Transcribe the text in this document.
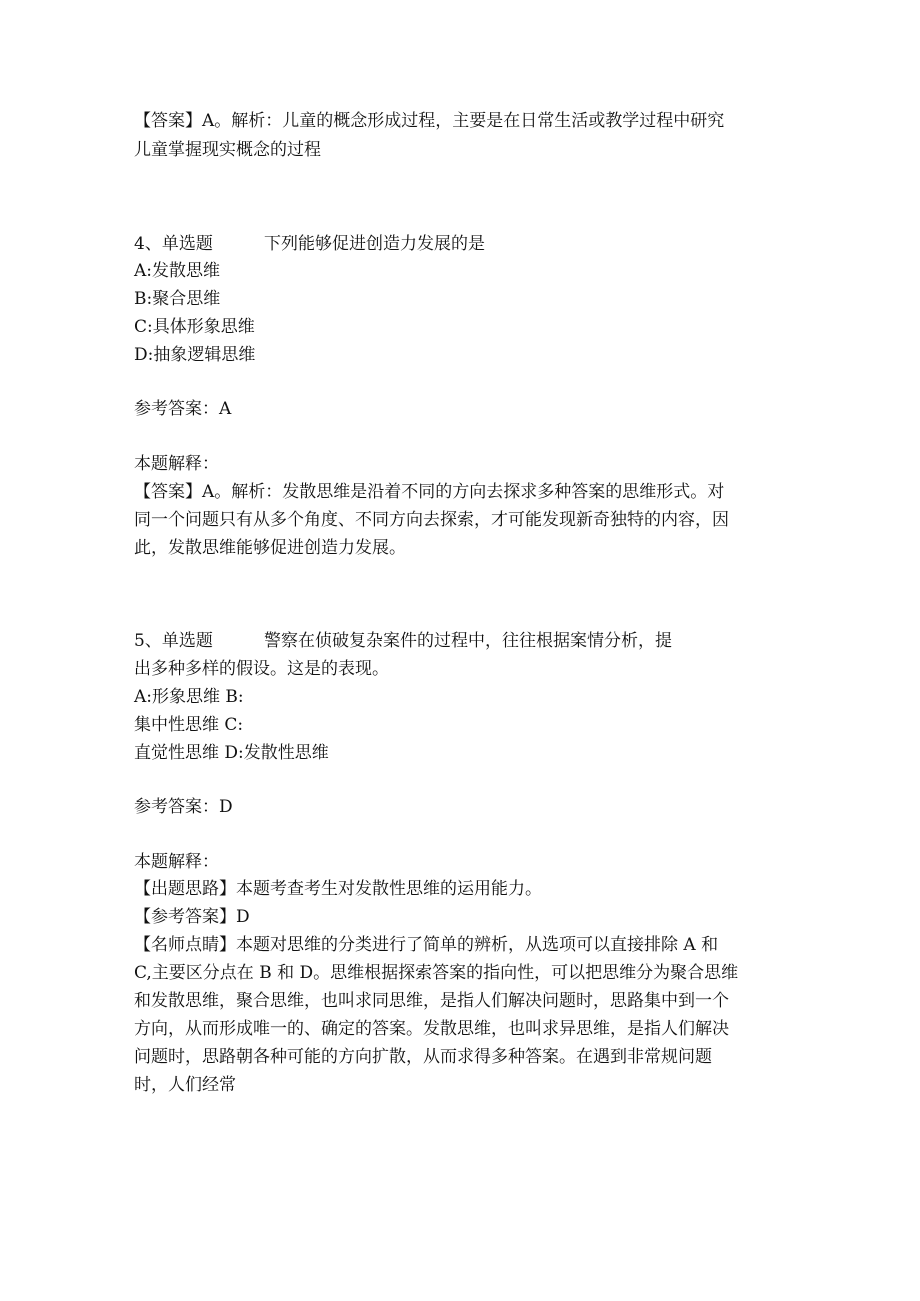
【答案】A。解析：儿童的概念形成过程，主要是在日常生活或教学过程中研究
儿童掌握现实概念的过程
4、单选题	下列能够促进创造力发展的是
A:发散思维
B:聚合思维
C:具体形象思维
D:抽象逻辑思维
参考答案：A
本题解释：
【答案】A。解析：发散思维是沿着不同的方向去探求多种答案的思维形式。对
同一个问题只有从多个角度、不同方向去探索，才可能发现新奇独特的内容，因
此，发散思维能够促进创造力发展。
5、单选题	警察在侦破复杂案件的过程中，往往根据案情分析，提
出多种多样的假设。这是的表现。
A:形象思维 B:
集中性思维 C:
直觉性思维 D:发散性思维
参考答案：D
本题解释：
【出题思路】本题考查考生对发散性思维的运用能力。
【参考答案】D
【名师点睛】本题对思维的分类进行了简单的辨析，从选项可以直接排除 A 和
C,主要区分点在 B 和 D。思维根据探索答案的指向性，可以把思维分为聚合思维
和发散思维，聚合思维，也叫求同思维，是指人们解决问题时，思路集中到一个
方向，从而形成唯一的、确定的答案。发散思维，也叫求异思维，是指人们解决
问题时，思路朝各种可能的方向扩散，从而求得多种答案。在遇到非常规问题
时，人们经常
